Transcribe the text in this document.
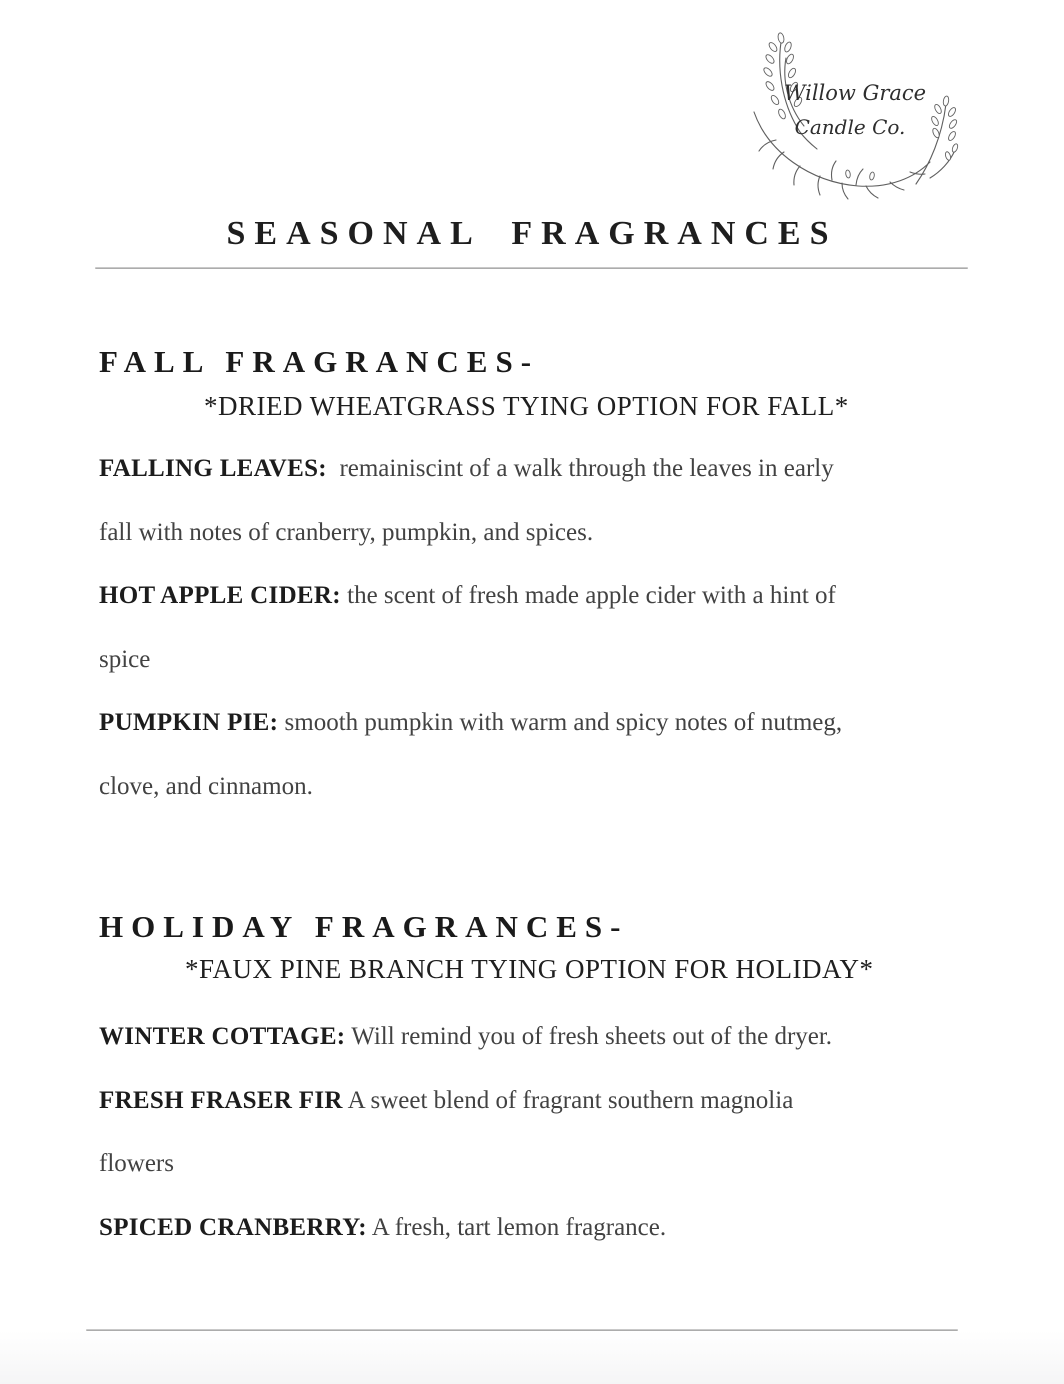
Willow Grace
Candle Co.
SEASONAL FRAGRANCES
FALL FRAGRANCES-
*DRIED WHEATGRASS TYING OPTION FOR FALL*

FALLING LEAVES:  remainiscint of a walk through the leaves in early
fall with notes of cranberry, pumpkin, and spices.

HOT APPLE CIDER: the scent of fresh made apple cider with a hint of
spice

PUMPKIN PIE: smooth pumpkin with warm and spicy notes of nutmeg,
clove, and cinnamon.

HOLIDAY FRAGRANCES-
*FAUX PINE BRANCH TYING OPTION FOR HOLIDAY*

WINTER COTTAGE: Will remind you of fresh sheets out of the dryer.

FRESH FRASER FIR A sweet blend of fragrant southern magnolia
flowers

SPICED CRANBERRY: A fresh, tart lemon fragrance.
